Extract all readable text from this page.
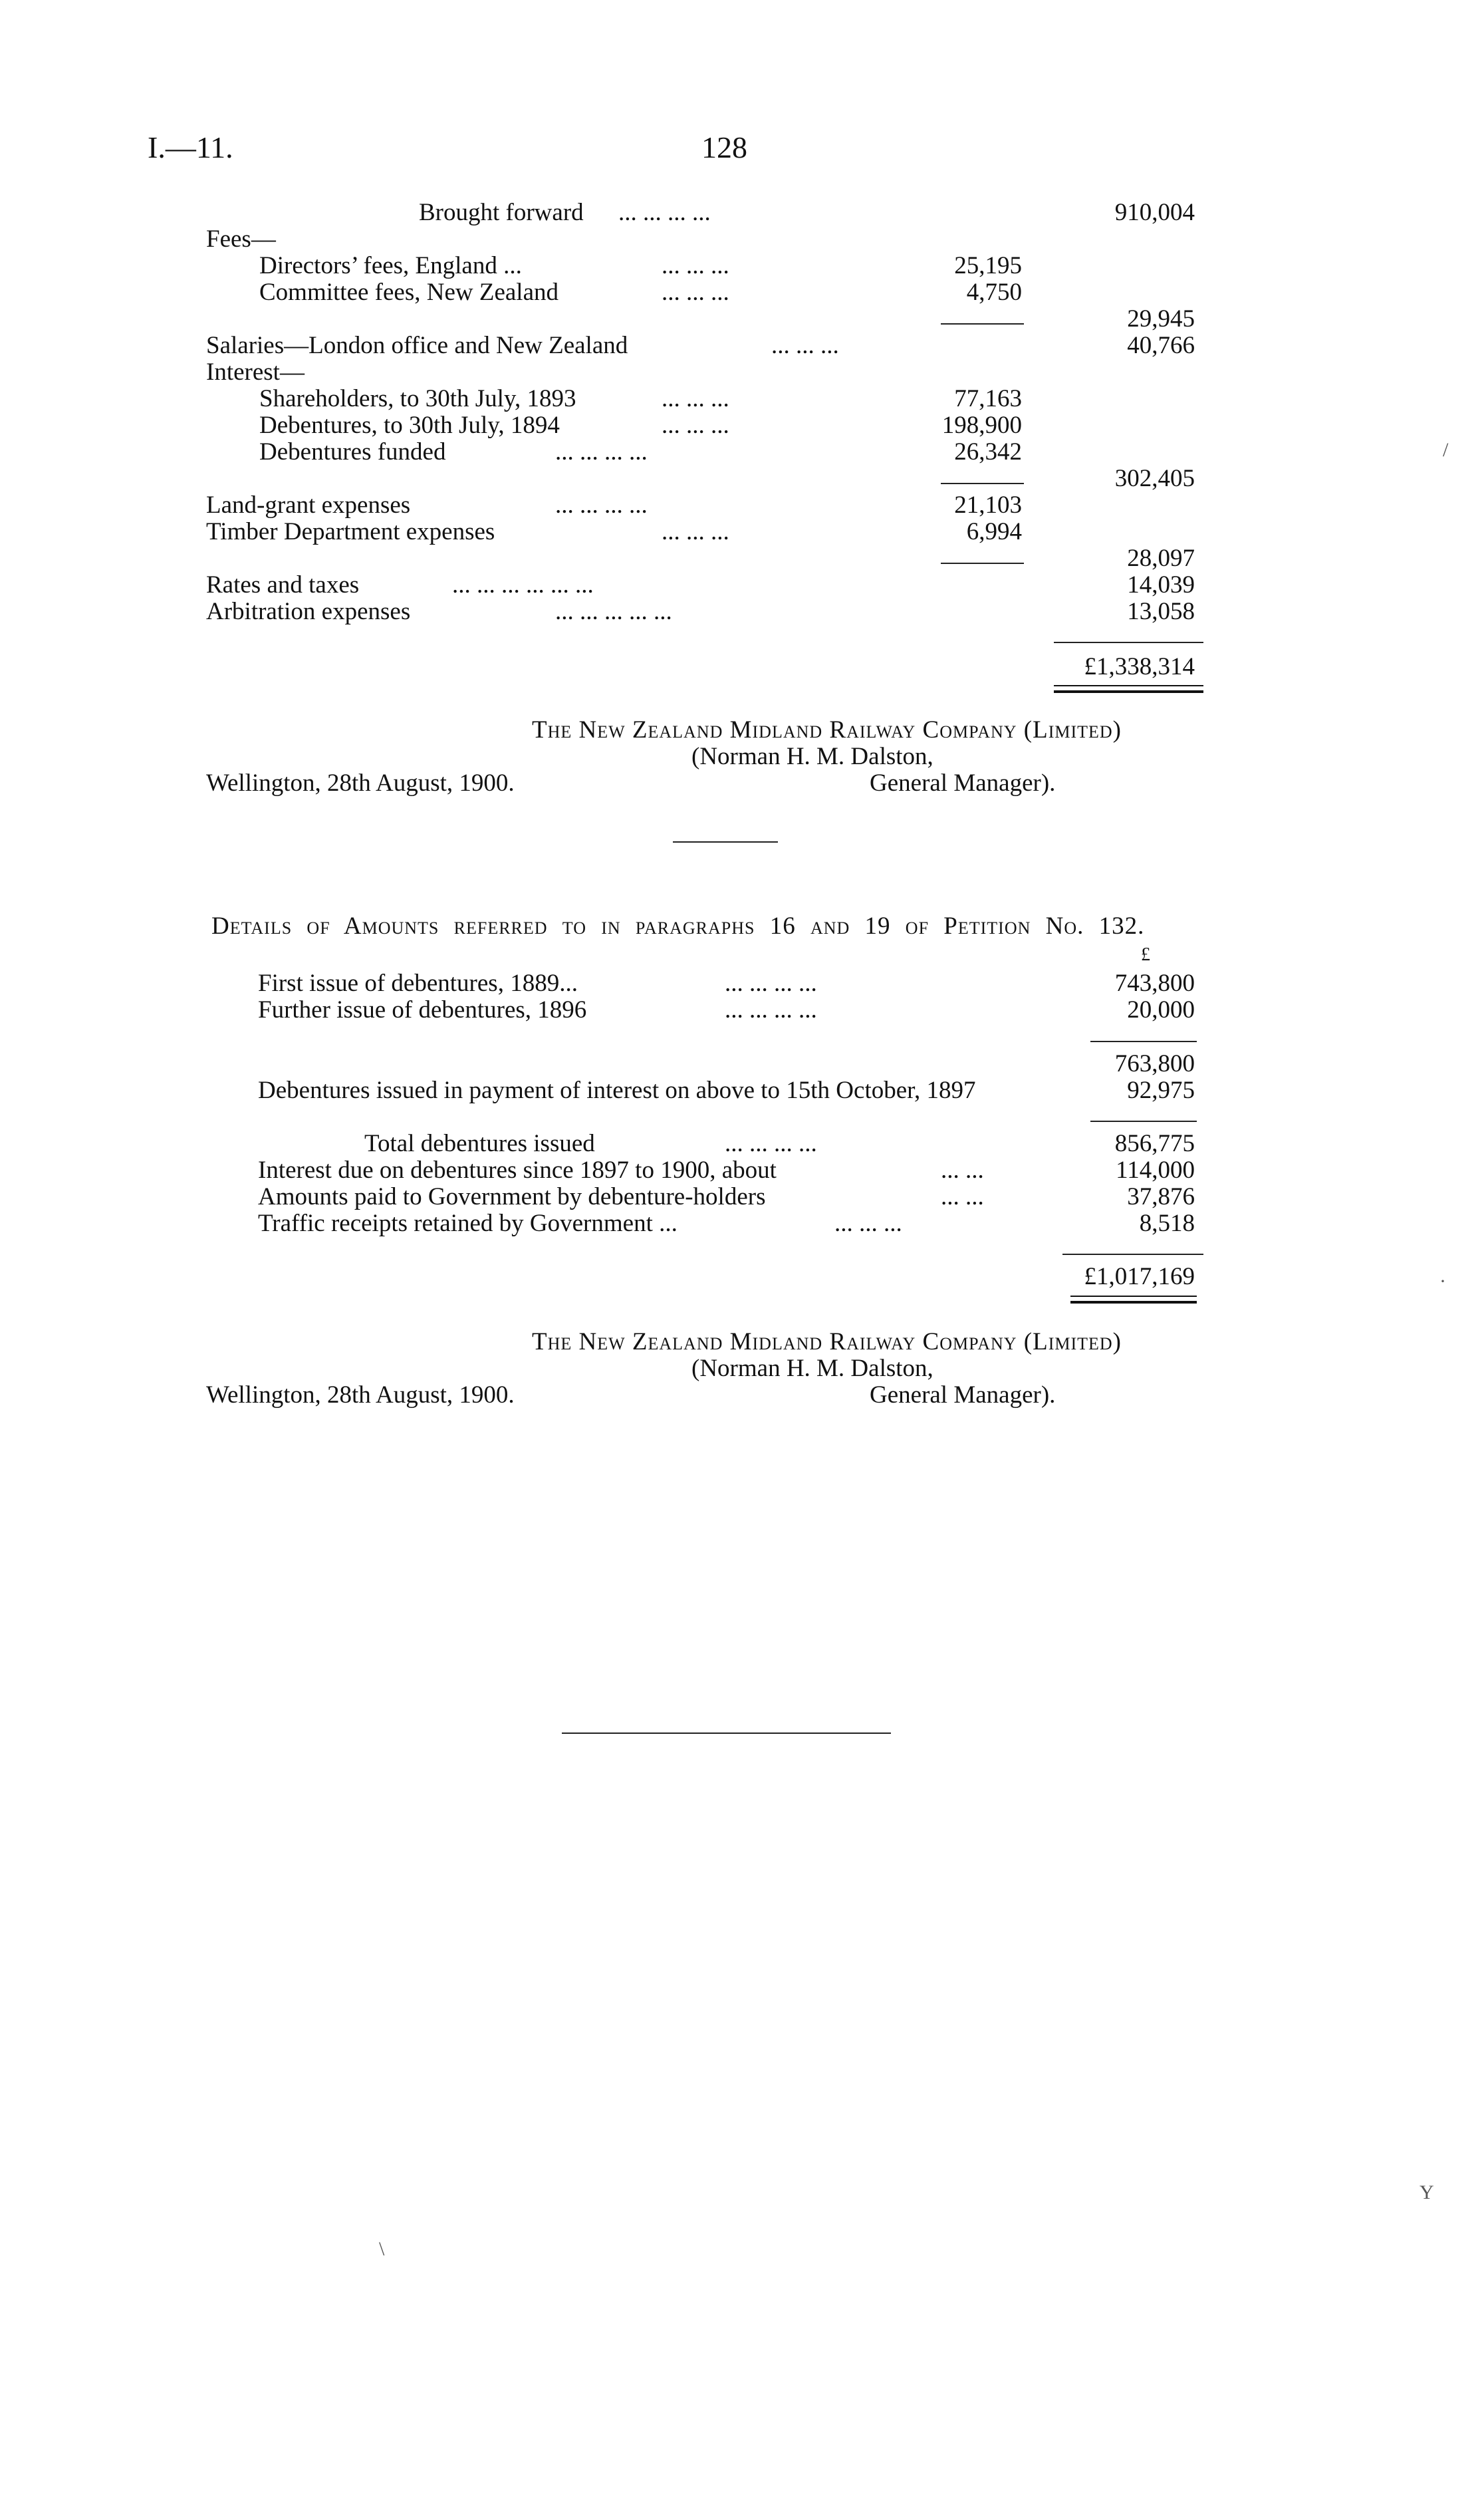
I.—11.	128
Brought forward ... ... ... ...	910,004
Fees—
Directors’ fees, England ...	... ... ...	25,195
Committee fees, New Zealand	... ... ...	4,750
29,945
Salaries—London office and New Zealand	... ... ...	40,766
Interest—
Shareholders, to 30th July, 1893	... ... ...	77,163
Debentures, to 30th July, 1894	... ... ...	198,900
Debentures funded	... ... ... ...	26,342
302,405
Land-grant expenses	... ... ... ...	21,103
Timber Department expenses	... ... ...	6,994
28,097
Rates and taxes	... ... ... ... ... ...	14,039
Arbitration expenses	... ... ... ... ...	13,058
£1,338,314
The New Zealand Midland Railway Company (Limited)
(Norman H. M. Dalston,
Wellington, 28th August, 1900.	General Manager).
Details of Amounts referred to in paragraphs 16 and 19 of Petition No. 132.
£
First issue of debentures, 1889...	... ... ... ...	743,800
Further issue of debentures, 1896	... ... ... ...	20,000
763,800
Debentures issued in payment of interest on above to 15th October, 1897	92,975
Total debentures issued	... ... ... ...	856,775
Interest due on debentures since 1897 to 1900, about	... ...	114,000
Amounts paid to Government by debenture-holders	... ...	37,876
Traffic receipts retained by Government ...	... ... ...	8,518
£1,017,169
The New Zealand Midland Railway Company (Limited)
(Norman H. M. Dalston,
Wellington, 28th August, 1900.	General Manager).
/
·
Y
\
